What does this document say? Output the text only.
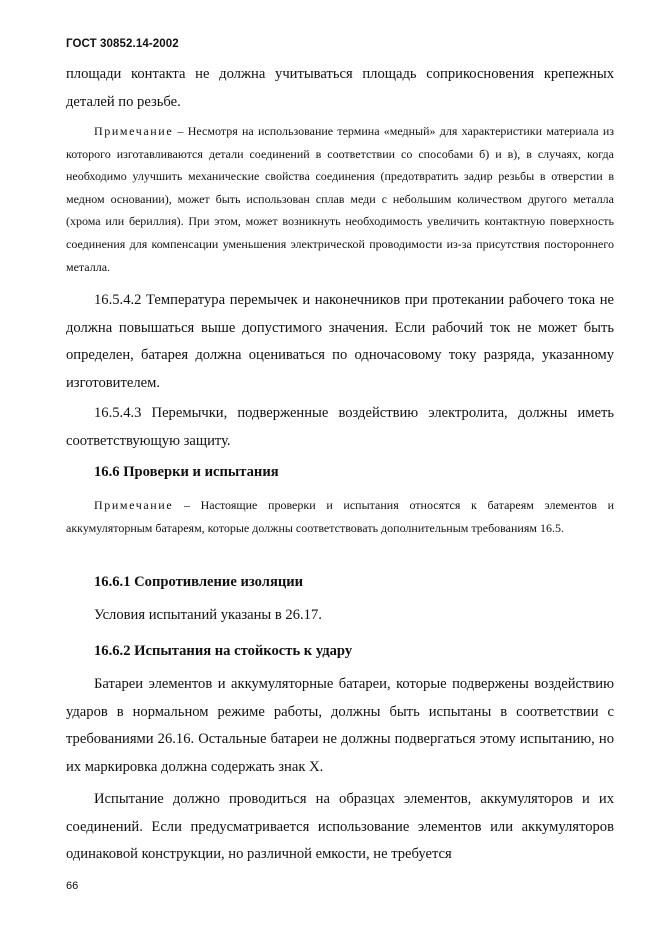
ГОСТ 30852.14-2002

площади контакта не должна учитываться площадь соприкосновения крепежных деталей по резьбе.

Примечание – Несмотря на использование термина «медный» для характеристики материала из которого изготавливаются детали соединений в соответствии со способами б) и в), в случаях, когда необходимо улучшить механические свойства соединения (предотвратить задир резьбы в отверстии в медном основании), может быть использован сплав меди с небольшим количеством другого металла (хрома или бериллия). При этом, может возникнуть необходимость увеличить контактную поверхность соединения для компенсации уменьшения электрической проводимости из-за присутствия постороннего металла.

16.5.4.2 Температура перемычек и наконечников при протекании рабочего тока не должна повышаться выше допустимого значения. Если рабочий ток не может быть определен, батарея должна оцениваться по одночасовому току разряда, указанному изготовителем.

16.5.4.3 Перемычки, подверженные воздействию электролита, должны иметь соответствующую защиту.

16.6 Проверки и испытания

Примечание – Настоящие проверки и испытания относятся к батареям элементов и аккумуляторным батареям, которые должны соответствовать дополнительным требованиям 16.5.

16.6.1 Сопротивление изоляции

Условия испытаний указаны в 26.17.

16.6.2 Испытания на стойкость к удару

Батареи элементов и аккумуляторные батареи, которые подвержены воздействию ударов в нормальном режиме работы, должны быть испытаны в соответствии с требованиями 26.16. Остальные батареи не должны подвергаться этому испытанию, но их маркировка должна содержать знак X.

Испытание должно проводиться на образцах элементов, аккумуляторов и их соединений. Если предусматривается использование элементов или аккумуляторов одинаковой конструкции, но различной емкости, не требуется

66
